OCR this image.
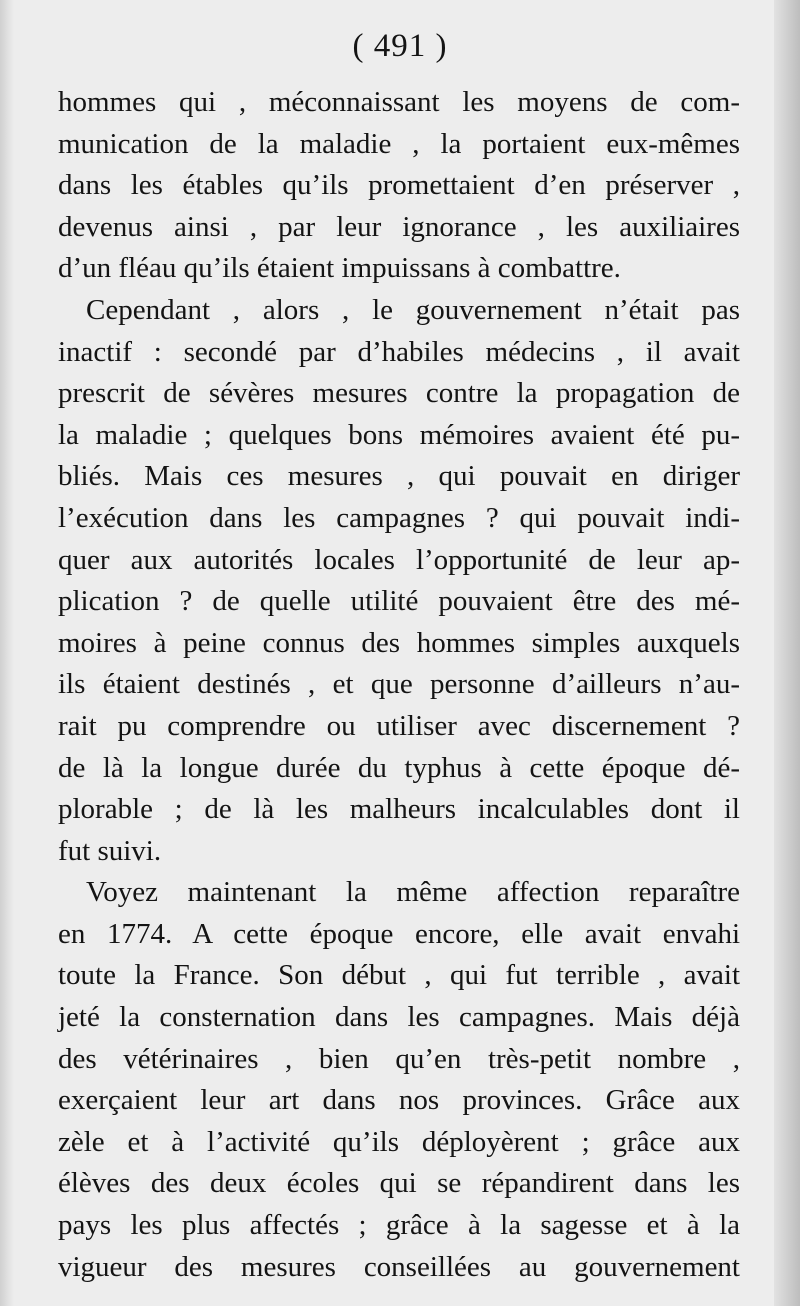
( 491 )
hommes qui , méconnaissant les moyens de com-
munication de la maladie , la portaient eux-mêmes
dans les étables qu’ils promettaient d’en préserver ,
devenus ainsi , par leur ignorance , les auxiliaires
d’un fléau qu’ils étaient impuissans à combattre.
Cependant , alors , le gouvernement n’était pas
inactif : secondé par d’habiles médecins , il avait
prescrit de sévères mesures contre la propagation de
la maladie ; quelques bons mémoires avaient été pu-
bliés. Mais ces mesures , qui pouvait en diriger
l’exécution dans les campagnes ? qui pouvait indi-
quer aux autorités locales l’opportunité de leur ap-
plication ? de quelle utilité pouvaient être des mé-
moires à peine connus des hommes simples auxquels
ils étaient destinés , et que personne d’ailleurs n’au-
rait pu comprendre ou utiliser avec discernement ?
de là la longue durée du typhus à cette époque dé-
plorable ; de là les malheurs incalculables dont il
fut suivi.
Voyez maintenant la même affection reparaître
en 1774. A cette époque encore, elle avait envahi
toute la France. Son début , qui fut terrible , avait
jeté la consternation dans les campagnes. Mais déjà
des vétérinaires , bien qu’en très-petit nombre ,
exerçaient leur art dans nos provinces. Grâce aux
zèle et à l’activité qu’ils déployèrent ; grâce aux
élèves des deux écoles qui se répandirent dans les
pays les plus affectés ; grâce à la sagesse et à la
vigueur des mesures conseillées au gouvernement
